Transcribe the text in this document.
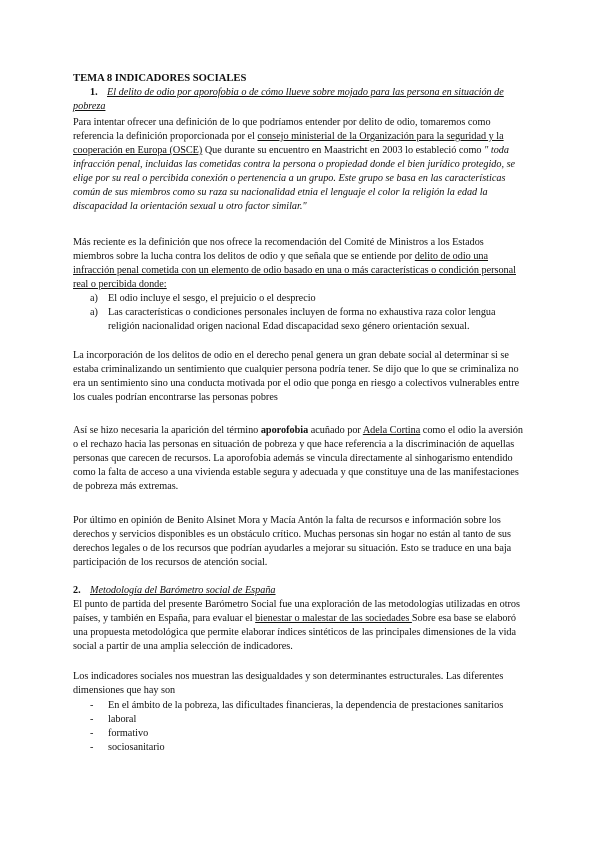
TEMA 8 INDICADORES SOCIALES
1. El delito de odio por aporofobia o de cómo llueve sobre mojado para las persona en situación de pobreza
Para intentar ofrecer una definición de lo que podríamos entender por delito de odio, tomaremos como referencia la definición proporcionada por el consejo ministerial de la Organización para la seguridad y la cooperación en Europa (OSCE) Que durante su encuentro en Maastricht en 2003 lo estableció como " toda infracción penal, incluidas las cometidas contra la persona o propiedad donde el bien jurídico protegido, se elige por su real o percibida conexión o pertenencia a un grupo. Este grupo se basa en las características común de sus miembros como su raza su nacionalidad etnia el lenguaje el color la religión la edad la discapacidad la orientación sexual u otro factor similar."
Más reciente es la definición que nos ofrece la recomendación del Comité de Ministros a los Estados miembros sobre la lucha contra los delitos de odio y que señala que se entiende por delito de odio una infracción penal cometida con un elemento de odio basado en una o más características o condición personal real o percibida donde:
a) El odio incluye el sesgo, el prejuicio o el desprecio
a) Las características o condiciones personales incluyen de forma no exhaustiva raza color lengua religión nacionalidad origen nacional Edad discapacidad sexo género orientación sexual.
La incorporación de los delitos de odio en el derecho penal genera un gran debate social al determinar si se estaba criminalizando un sentimiento que cualquier persona podría tener. Se dijo que lo que se criminaliza no era un sentimiento sino una conducta motivada por el odio que ponga en riesgo a colectivos vulnerables entre los cuales podrían encontrarse las personas pobres
Así se hizo necesaria la aparición del término aporofobia acuñado por Adela Cortina como el odio la aversión o el rechazo hacia las personas en situación de pobreza y que hace referencia a la discriminación de aquellas personas que carecen de recursos. La aporofobia además se vincula directamente al sinhogarismo entendido como la falta de acceso a una vivienda estable segura y adecuada y que constituye una de las manifestaciones de pobreza más extremas.
Por último en opinión de Benito Alsinet Mora y Macía Antón la falta de recursos e información sobre los derechos y servicios disponibles es un obstáculo crítico. Muchas personas sin hogar no están al tanto de sus derechos legales o de los recursos que podrían ayudarles a mejorar su situación. Esto se traduce en una baja participación de los recursos de atención social.
2. Metodología del Barómetro social de España
El punto de partida del presente Barómetro Social fue una exploración de las metodologías utilizadas en otros países, y también en España, para evaluar el bienestar o malestar de las sociedades Sobre esa base se elaboró una propuesta metodológica que permite elaborar índices sintéticos de las principales dimensiones de la vida social a partir de una amplia selección de indicadores.
Los indicadores sociales nos muestran las desigualdades y son determinantes estructurales. Las diferentes dimensiones que hay son
- En el ámbito de la pobreza, las dificultades financieras, la dependencia de prestaciones sanitarios
- laboral
- formativo
- sociosanitario
